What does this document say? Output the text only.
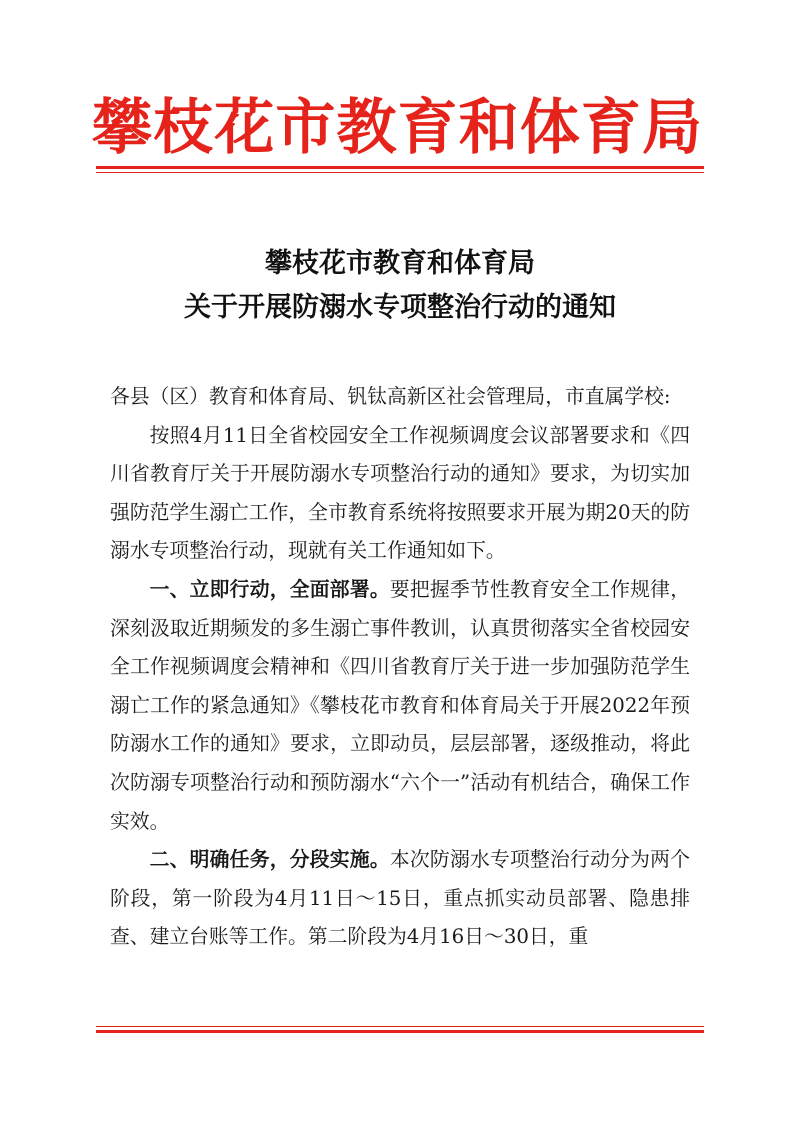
攀枝花市教育和体育局
攀枝花市教育和体育局
关于开展防溺水专项整治行动的通知

各县（区）教育和体育局、钒钛高新区社会管理局，市直属学校:

按照4月11日全省校园安全工作视频调度会议部署要求和《四川省教育厅关于开展防溺水专项整治行动的通知》要求，为切实加强防范学生溺亡工作，全市教育系统将按照要求开展为期20天的防溺水专项整治行动，现就有关工作通知如下。

一、立即行动，全面部署。要把握季节性教育安全工作规律，深刻汲取近期频发的多生溺亡事件教训，认真贯彻落实全省校园安全工作视频调度会精神和《四川省教育厅关于进一步加强防范学生溺亡工作的紧急通知》《攀枝花市教育和体育局关于开展2022年预防溺水工作的通知》要求，立即动员，层层部署，逐级推动，将此次防溺专项整治行动和预防溺水“六个一”活动有机结合，确保工作实效。

二、明确任务，分段实施。本次防溺水专项整治行动分为两个阶段，第一阶段为4月11日～15日，重点抓实动员部署、隐患排查、建立台账等工作。第二阶段为4月16日～30日，重
